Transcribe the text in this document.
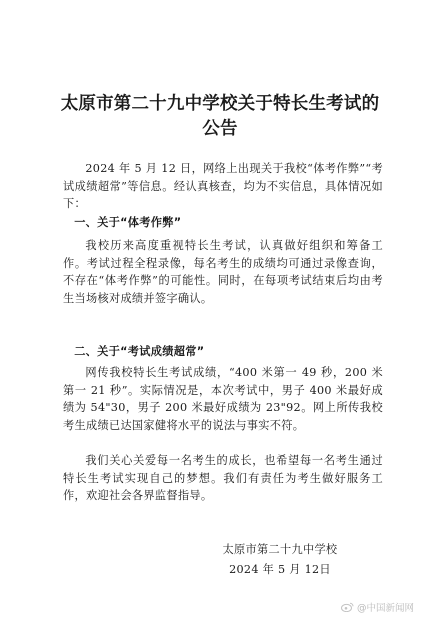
太原市第二十九中学校关于特长生考试的
公告

2024 年 5 月 12 日，网络上出现关于我校“体考作弊”“考试成绩超常”等信息。经认真核查，均为不实信息，具体情况如下：

一、关于“体考作弊”

我校历来高度重视特长生考试，认真做好组织和筹备工作。考试过程全程录像，每名考生的成绩均可通过录像查询，不存在“体考作弊”的可能性。同时，在每项考试结束后均由考生当场核对成绩并签字确认。

二、关于“考试成绩超常”

网传我校特长生考试成绩，“400 米第一 49 秒，200 米第一 21 秒”。实际情况是，本次考试中，男子 400 米最好成绩为 54"30，男子 200 米最好成绩为 23"92。网上所传我校考生成绩已达国家健将水平的说法与事实不符。

我们关心关爱每一名考生的成长，也希望每一名考生通过特长生考试实现自己的梦想。我们有责任为考生做好服务工作，欢迎社会各界监督指导。

太原市第二十九中学校
2024 年 5 月 12日
@中国新闻网
